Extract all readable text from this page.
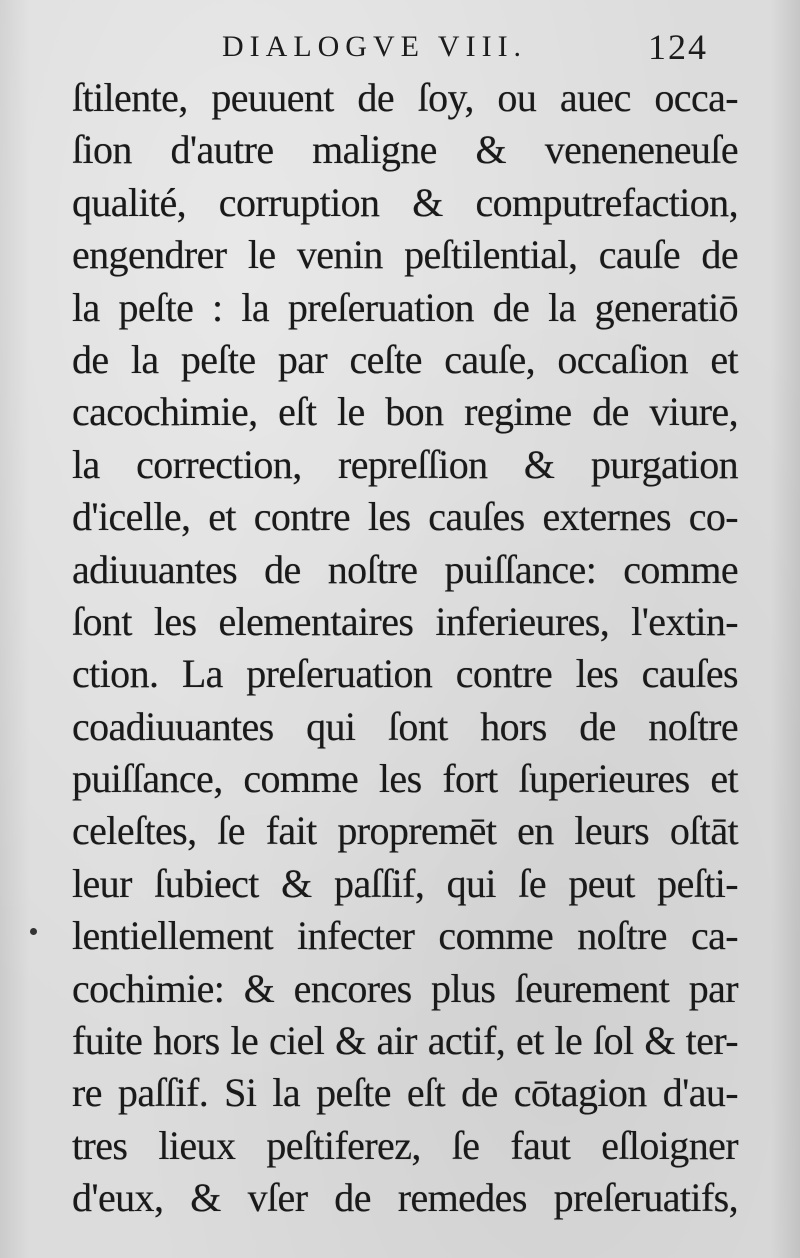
DIALOGVE VIII.	124
ſtilente, peuuent de ſoy, ou auec occa-
ſion d'autre maligne & veneneneuſe
qualité, corruption & computrefaction,
engendrer le venin peſtilential, cauſe de
la peſte : la preſeruation de la generatiō
de la peſte par ceſte cauſe, occaſion et
cacochimie, eſt le bon regime de viure,
la correction, repreſſion & purgation
d'icelle, et contre les cauſes externes co-
adiuuantes de noſtre puiſſance: comme
ſont les elementaires inferieures, l'extin-
ction. La preſeruation contre les cauſes
coadiuuantes qui ſont hors de noſtre
puiſſance, comme les fort ſuperieures et
celeſtes, ſe fait propremēt en leurs oſtāt
leur ſubiect & paſſif, qui ſe peut peſti-
lentiellement infecter comme noſtre ca-
cochimie: & encores plus ſeurement par
fuite hors le ciel & air actif, et le ſol & ter-
re paſſif. Si la peſte eſt de cōtagion d'au-
tres lieux peſtiferez, ſe faut eſloigner
d'eux, & vſer de remedes preſeruatifs,
